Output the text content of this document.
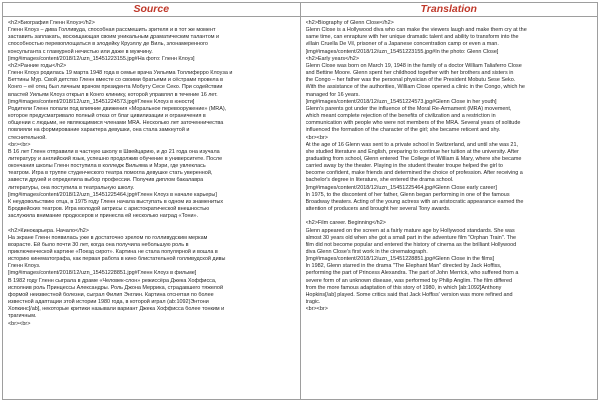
Source	Translation
<h2>Биография Гленн Клоуз</h2>
Гленн Клоуз – дива Голливуда, способная рассмешить зрителя и в тот же момент
заставить заплакать, восхищающая своим уникальным драматическим талантом и
способностью перевоплощаться в злодейку Круэллу де Виль, злонамеренного
консультанта с гламурной нечистью или даже в мужчину.
[img#images/content/2018/12/uzn_15451223155.jpg#На фото: Гленн Клоуз]
<h2>Ранние годы</h2>
Гленн Клоуз родилась 19 марта 1948 года в семье врача Уильяма Толлиферро Клоуза и
Беттины Мур. Свой детство Гленн вместе со своими братьями и сёстрами провела в
Конго – её отец был личным врачом президента Мобуту Сесе Секо. При содействии
властей Уильям Клоуз открыл в Конго клинику, которой управлял в течение 16 лет.
[img#images/content/2018/12/uzn_15451224573.jpg#Гленн Клоуз в юности]
Родители Гленн попали под влияние движения «Моральное перевооружение» (MRA),
которое предусматривало полный отказ от благ цивилизации и ограничения в
общении с людьми, не являющимися членами MRA. Несколько лет заточенничества
повлияли на формирование характера девушки, она стала замкнутой и
стеснительной.
<br><br>
В 16 лет Гленн отправили в частную школу в Швейцарию, и до 21 года она изучала
литературу и английский язык, успешно продолжив обучение в университете. После
окончания школы Гленн поступила в колледж Вильяма и Мэри, где увлеклась
театром. Игра в труппе студенческого театра помогла девушке стать уверенной,
завести друзей и определила выбор профессии. Получив диплом бакалавра
литературы, она поступила в театральную школу.
[img#images/content/2018/12/uzn_15451225464.jpg#Гленн Клоуз в начале карьеры]
К неудовольствию отца, в 1975 году Гленн начала выступать в одном из знаменитых
Бродвейских театров. Игра молодой актрисы с аристократической внешностью
заслужила внимание продюсеров и принесла ей несколько наград «Тони».
<h2>Кинокарьера. Начало</h2>
На экране Гленн появилась уже в достаточно зрелом по голливудским меркам
возрасте. Ей было почти 30 лет, когда она получила небольшую роль в
приключенческой картине «Поезд сирот». Картина не стала популярной и вошла в
историю кинематографа, как первая работа в кино блистательной голливудской дивы
Гленн Клоуз.
[img#images/content/2018/12/uzn_15451228851.jpg#Гленн Клоуз в фильме]
В 1982 году Гленн сыграла в драме «Человек-слон» режиссёра Джека Хоффисса,
исполнив роль Принцессы Александры. Роль Джона Меррика, страдавшего тяжелой
формой неизвестной болезни, сыграл Филип Энглин. Картина отснятая по более
известной адаптации этой истории 1980 года, в которой играл (ab:1092)Энтони
Хопкинс[/ab], некоторые критики называли вариант Джека Хоффисса более тонким и
трагичным.
<br><br>
<h2>Biography of Glenn Close</h2>
Glenn Close is a Hollywood diva who can make the viewers laugh and make them cry at the
same time, can enrapture with her unique dramatic talent and ability to transform into the
villain Cruella De Vil, prisoner of a Japanese concentration camp or even a man.
[img#images/content/2018/12/uzn_15451223155.jpg#In the photo: Glenn Close]
<h2>Early years</h2>
Glenn Close was born on March 19, 1948 in the family of a doctor William Taliaferro Close
and Bettine Moore. Glenn spent her childhood together with her brothers and sisters in
the Congo – her father was the personal physician of the President Mobutu Sese Seko.
With the assistance of the authorities, William Close opened a clinic in the Congo, which he
managed for 16 years.
[img#images/content/2018/12/uzn_15451224573.jpg#Glenn Close in her youth]
Glenn's parents got under the influence of the Moral Re-Armament (MRA) movement,
which meant complete rejection of the benefits of civilization and a restriction in
communication with people who were not members of the MRA. Several years of solitude
influenced the formation of the character of the girl; she became reticent and shy.
<br><br>
At the age of 16 Glenn was sent to a private school in Switzerland, and until she was 21,
she studied literature and English, preparing to continue her tuition at the university. After
graduating from school, Glenn entered The College of William & Mary, where she became
carried away by the theater. Playing in the student theater troupe helped the girl to
become confident, make friends and determined the choice of profession. After receiving a
bachelor's degree in literature, she entered the drama school.
[img#images/content/2018/12/uzn_15451225464.jpg#Glenn Close early career]
In 1975, to the discontent of her father, Glenn began performing in one of the famous
Broadway theaters. Acting of the young actress with an aristocratic appearance earned the
attention of producers and brought her several Tony awards.
<h2>Film career. Beginning</h2>
Glenn appeared on the screen at a fairly mature age by Hollywood standards. She was
almost 30 years old when she got a small part in the adventure film "Orphan Train". The
film did not become popular and entered the history of cinema as the brilliant Hollywood
diva Glenn Close's first work in the cinematograph.
[img#images/content/2018/12/uzn_15451228851.jpg#Glenn Close in the films]
In 1982, Glenn starred in the drama "The Elephant Man" directed by Jack Hoffiss,
performing the part of Princess Alexandra. The part of John Merrick, who suffered from a
severe form of an unknown disease, was performed by Philip Anglim. The film differed
from the more famous adaptation of this story of 1980, in which [ab:1092]Anthony
Hopkins[/ab] played. Some critics said that Jack Hoffiss' version was more refined and
tragic.
<br><br>
